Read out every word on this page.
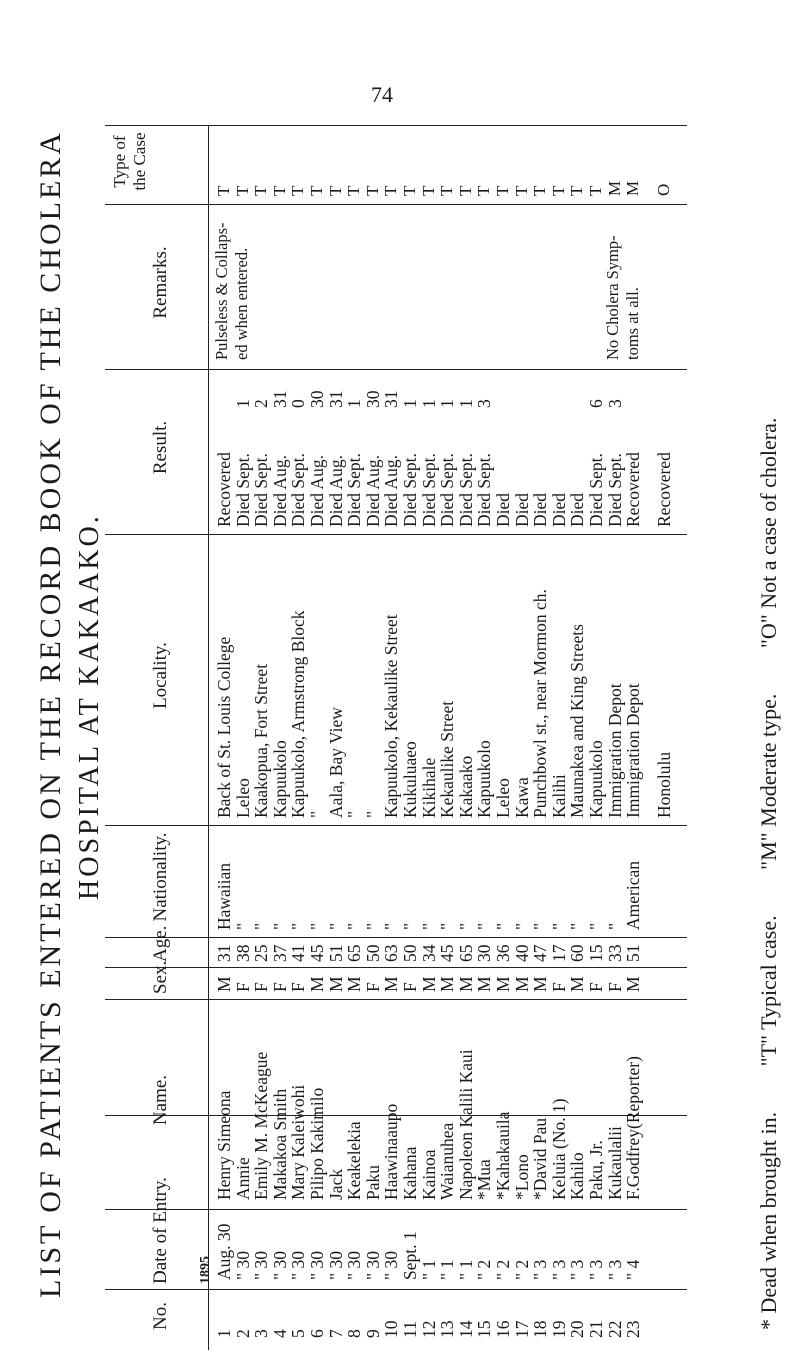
74
LIST OF PATIENTS ENTERED ON THE RECORD BOOK OF THE CHOLERA HOSPITAL AT KAKAAKO.
No.
Date of Entry.
Name.
Sex.
Age.
Nationality.
Locality.
Result.
Remarks.
Type of the Case
1895
1
Aug. 30
Henry Simeona
M
31
Hawaiian
Back of St. Louis College
Recovered
T
2
" 30
Annie
F
38
"
Leleo
Died Sept.
1
T
3
" 30
Emily M. McKeague
F
25
"
Kaakopua, Fort Street
Died Sept.
2
T
4
" 30
Makakoa Smith
F
37
"
Kapuukolo
Died Aug.
31
T
5
" 30
Mary Kaleiwohi
F
41
"
Kapuukolo, Armstrong Block
Died Sept.
0
T
6
" 30
Pilipo Kakimilo
M
45
"
"
Died Aug.
30
T
7
" 30
Jack
M
51
"
Aala, Bay View
Died Aug.
31
T
8
" 30
Keakelekia
M
65
"
"
Died Sept.
1
T
9
" 30
Paku
F
50
"
"
Died Aug.
30
T
10
" 30
Haawinaaupo
M
63
"
Kapuukolo, Kekaulike Street
Died Aug.
31
T
11
Sept. 1
Kahana
F
50
"
Kukuluaeo
Died Sept.
1
T
12
" 1
Kainoa
M
34
"
Kikihale
Died Sept.
1
T
13
" 1
Waianuhea
M
45
"
Kekaulike Street
Died Sept.
1
T
14
" 1
Napoleon Kalili Kaui
M
65
"
Kakaako
Died Sept.
1
T
15
" 2
*Mua
M
30
"
Kapuukolo
Died Sept.
3
T
16
" 2
*Kahakauila
M
36
"
Leleo
Died
T
17
" 2
*Lono
M
40
"
Kawa
Died
T
18
" 3
*David Pau
M
47
"
Punchbowl st., near Mormon ch.
Died
T
19
" 3
Keluia (No. 1)
F
17
"
Kalihi
Died
T
20
" 3
Kahilo
M
60
"
Maunakea and King Streets
Died
T
21
" 3
Paku, Jr.
F
15
"
Kapuukolo
Died Sept.
6
T
22
" 3
Kukaulalii
F
33
"
Immigration Depot
Died Sept.
3
M
23
" 4
F.Godfrey(Reporter)
M
51
American
Immigration Depot
Recovered
M
Honolulu
Recovered
O
Pulseless & Collaps-ed when entered.	No Cholera Symp-toms at all.
* Dead when brought in. "T" Typical case. "M" Moderate type. "O" Not a case of cholera.
